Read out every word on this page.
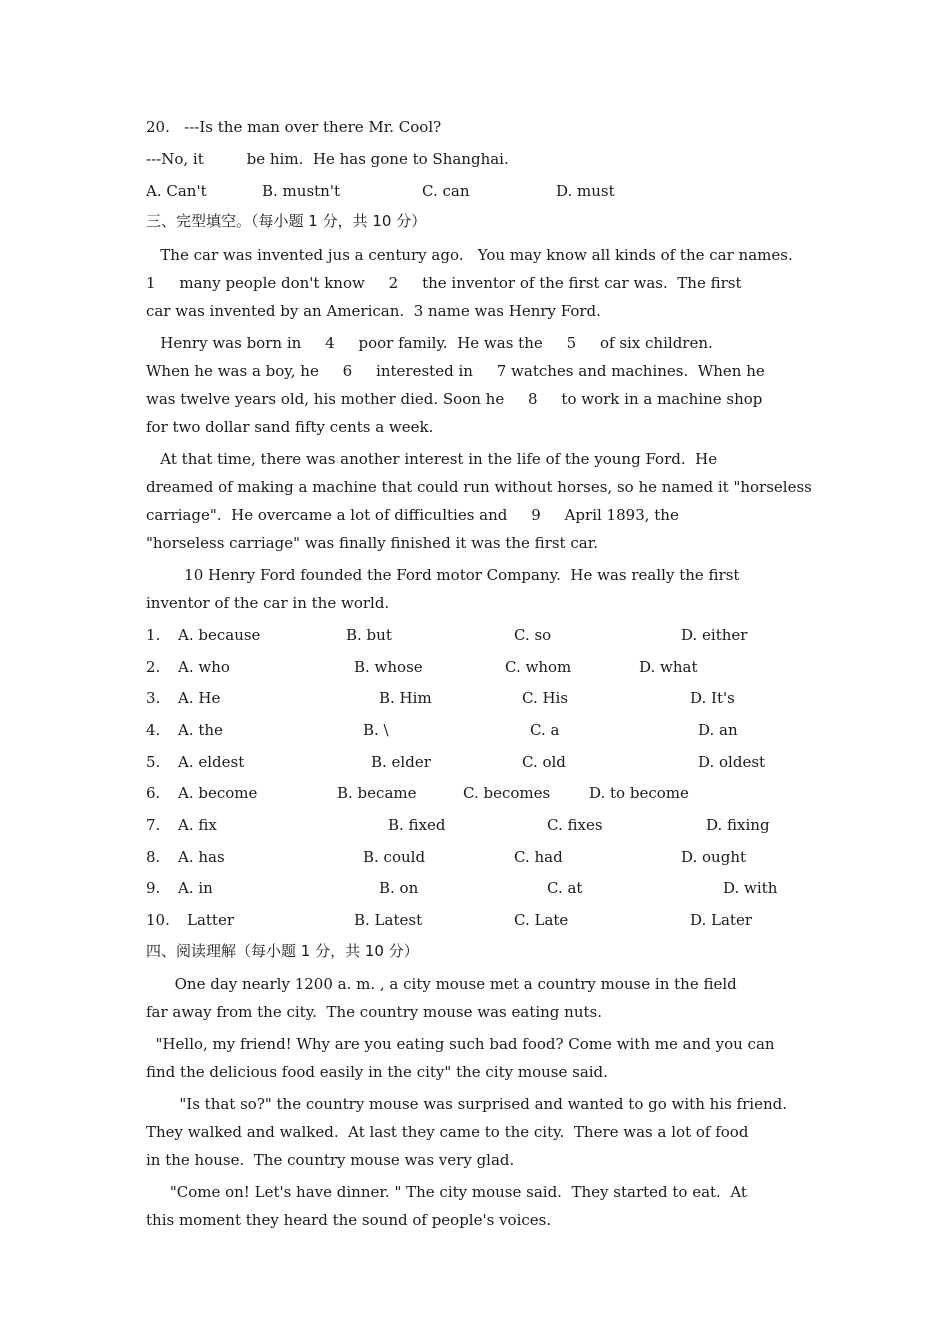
20.   ---Is the man over there Mr. Cool?
---No, it         be him.  He has gone to Shanghai.
A. Can't	B. mustn't	C. can	D. must
三、完型填空。（每小题 1 分，共 10 分）
The car was invented jus a century ago.   You may know all kinds of the car names.
1     many people don't know     2     the inventor of the first car was.  The first
car was invented by an American.  3 name was Henry Ford.
Henry was born in     4     poor family.  He was the     5     of six children.
When he was a boy, he     6     interested in     7 watches and machines.  When he
was twelve years old, his mother died. Soon he     8     to work in a machine shop
for two dollar sand fifty cents a week.
At that time, there was another interest in the life of the young Ford.  He
dreamed of making a machine that could run without horses, so he named it "horseless
carriage".  He overcame a lot of difficulties and     9     April 1893, the
"horseless carriage" was finally finished it was the first car.
10 Henry Ford founded the Ford motor Company.  He was really the first
inventor of the car in the world.
1. A. because	B. but	C. so	D. either
2. A. who	B. whose	C. whom	D. what
3. A. He	B. Him	C. His	D. It's
4. A. the	B. \	C. a	D. an
5. A. eldest	B. elder	C. old	D. oldest
6. A. become	B. became	C. becomes	D. to become
7. A. fix	B. fixed	C. fixes	D. fixing
8. A. has	B. could	C. had	D. ought
9. A. in	B. on	C. at	D. with
10. Latter	B. Latest	C. Late	D. Later
四、阅读理解（每小题 1 分，共 10 分）
One day nearly 1200 a. m. , a city mouse met a country mouse in the field
far away from the city.  The country mouse was eating nuts.
"Hello, my friend! Why are you eating such bad food? Come with me and you can
find the delicious food easily in the city" the city mouse said.
"Is that so?" the country mouse was surprised and wanted to go with his friend.
They walked and walked.  At last they came to the city.  There was a lot of food
in the house.  The country mouse was very glad.
"Come on! Let's have dinner. " The city mouse said.  They started to eat.  At
this moment they heard the sound of people's voices.
